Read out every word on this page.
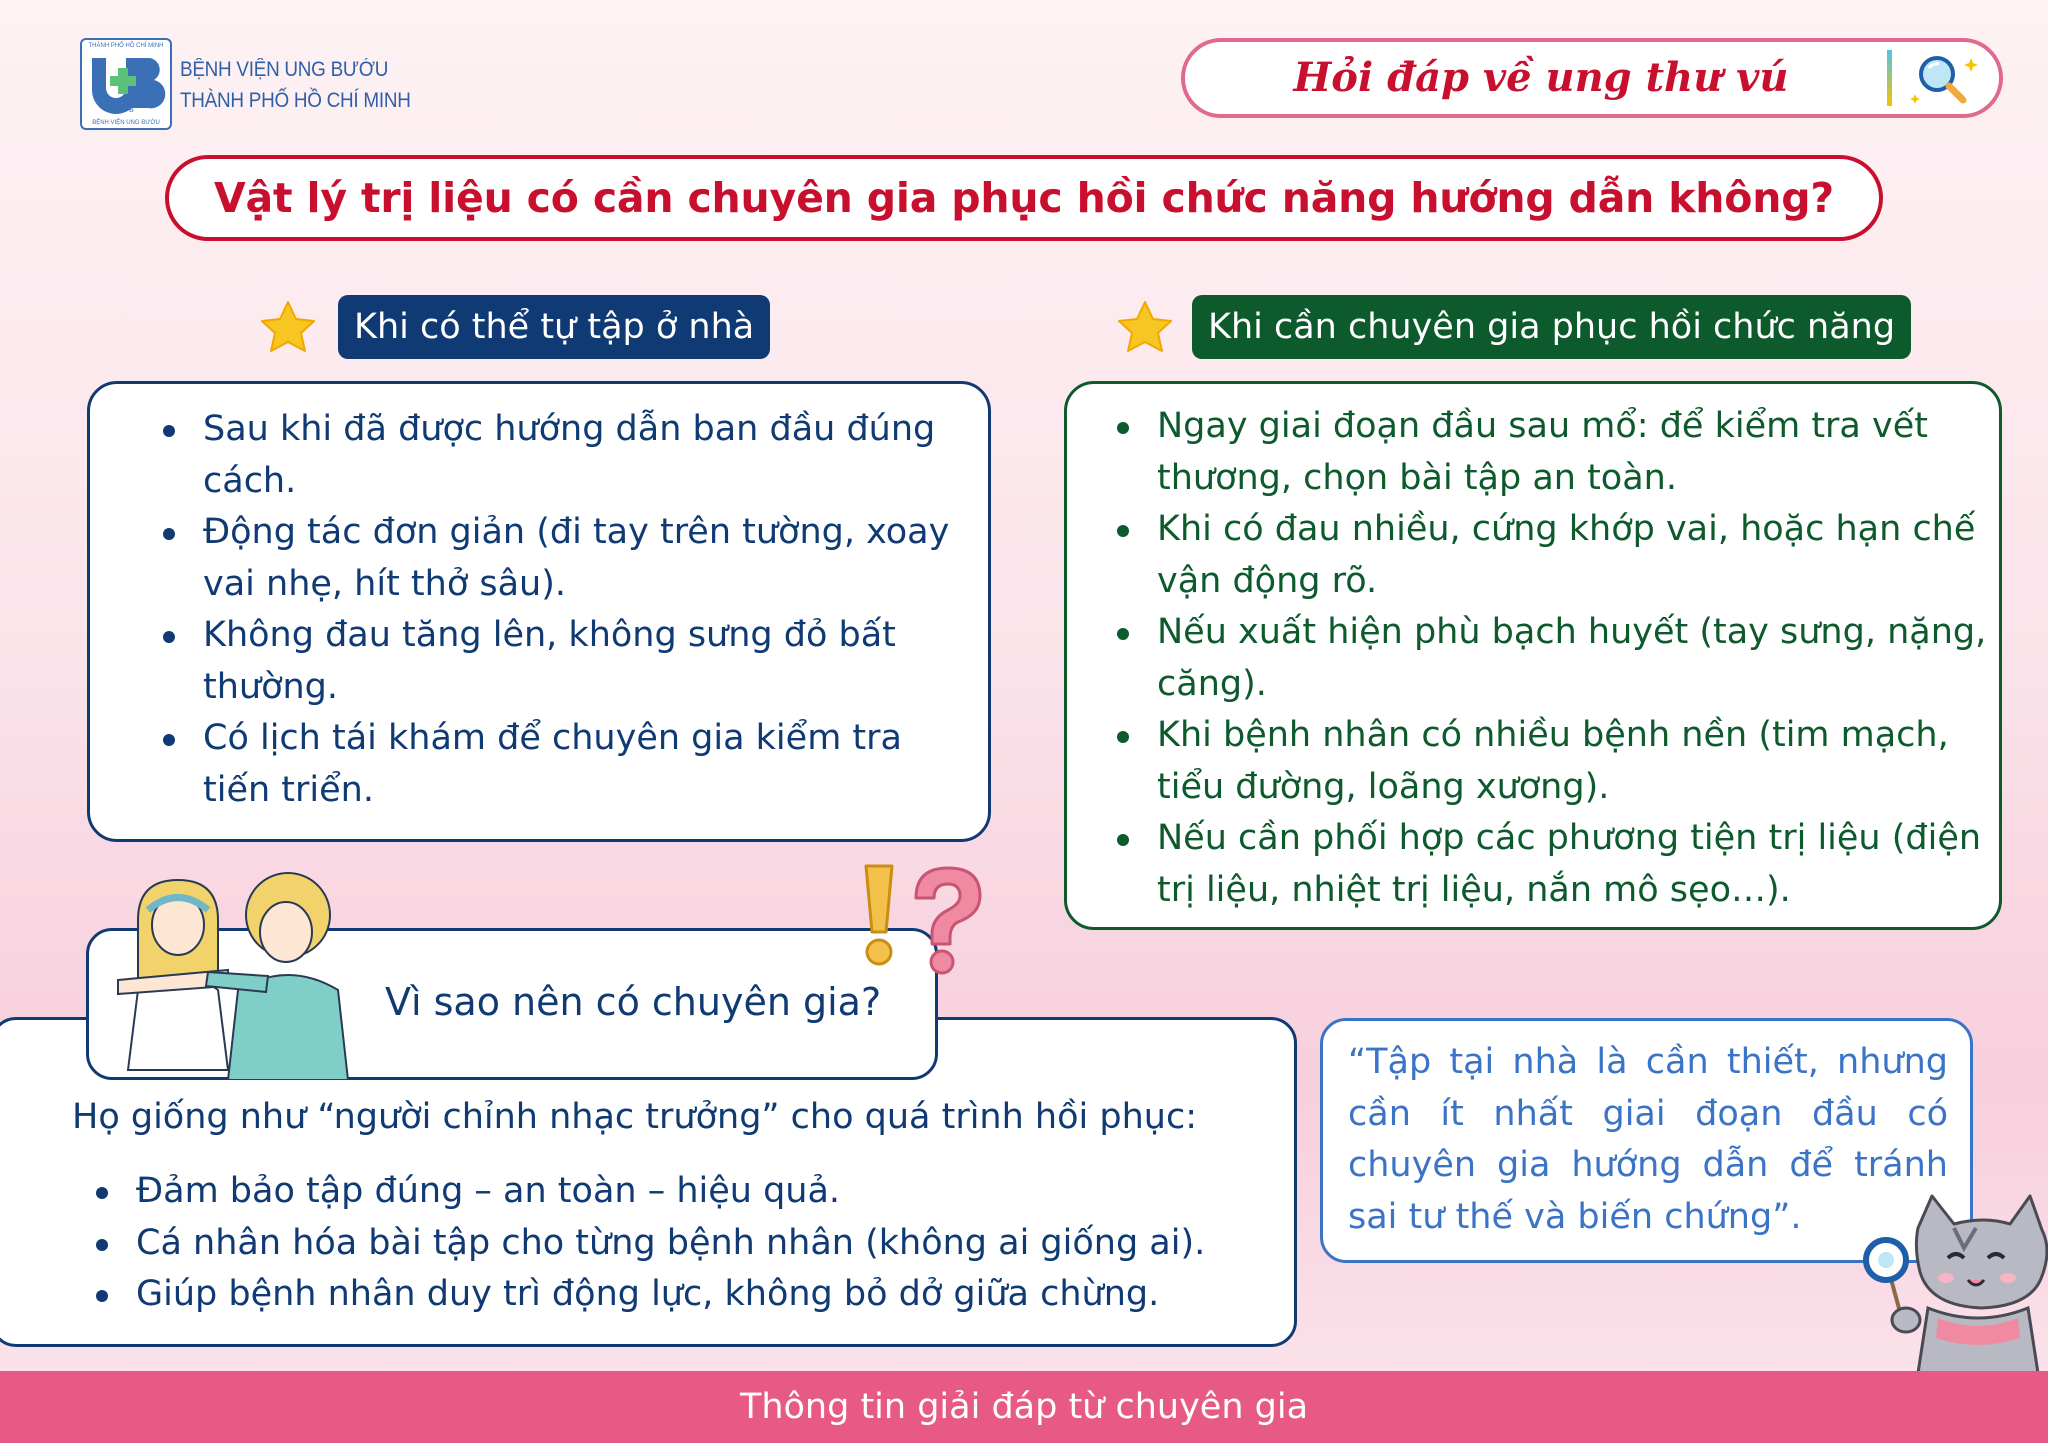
THÀNH PHỐ HỒ CHÍ MINH
U B
BỆNH VIỆN UNG BƯỚU
BỆNH VIỆN UNG BƯỚU
THÀNH PHỐ HỒ CHÍ MINH	Hỏi đáp về ung thư vú
Vật lý trị liệu có cần chuyên gia phục hồi chức năng hướng dẫn không?
Khi có thể tự tập ở nhà	Khi cần chuyên gia phục hồi chức năng
Sau khi đã được hướng dẫn ban đầu đúng cách.
Động tác đơn giản (đi tay trên tường, xoay vai nhẹ, hít thở sâu).
Không đau tăng lên, không sưng đỏ bất thường.
Có lịch tái khám để chuyên gia kiểm tra tiến triển.
Ngay giai đoạn đầu sau mổ: để kiểm tra vết thương, chọn bài tập an toàn.
Khi có đau nhiều, cứng khớp vai, hoặc hạn chế vận động rõ.
Nếu xuất hiện phù bạch huyết (tay sưng, nặng, căng).
Khi bệnh nhân có nhiều bệnh nền (tim mạch, tiểu đường, loãng xương).
Nếu cần phối hợp các phương tiện trị liệu (điện trị liệu, nhiệt trị liệu, nắn mô sẹo…).
Vì sao nên có chuyên gia?
Họ giống như “người chỉnh nhạc trưởng” cho quá trình hồi phục:
Đảm bảo tập đúng – an toàn – hiệu quả.
Cá nhân hóa bài tập cho từng bệnh nhân (không ai giống ai).
Giúp bệnh nhân duy trì động lực, không bỏ dở giữa chừng.
“Tập tại nhà là cần thiết, nhưng cần ít nhất giai đoạn đầu có chuyên gia hướng dẫn để tránh sai tư thế và biến chứng”.
Thông tin giải đáp từ chuyên gia
